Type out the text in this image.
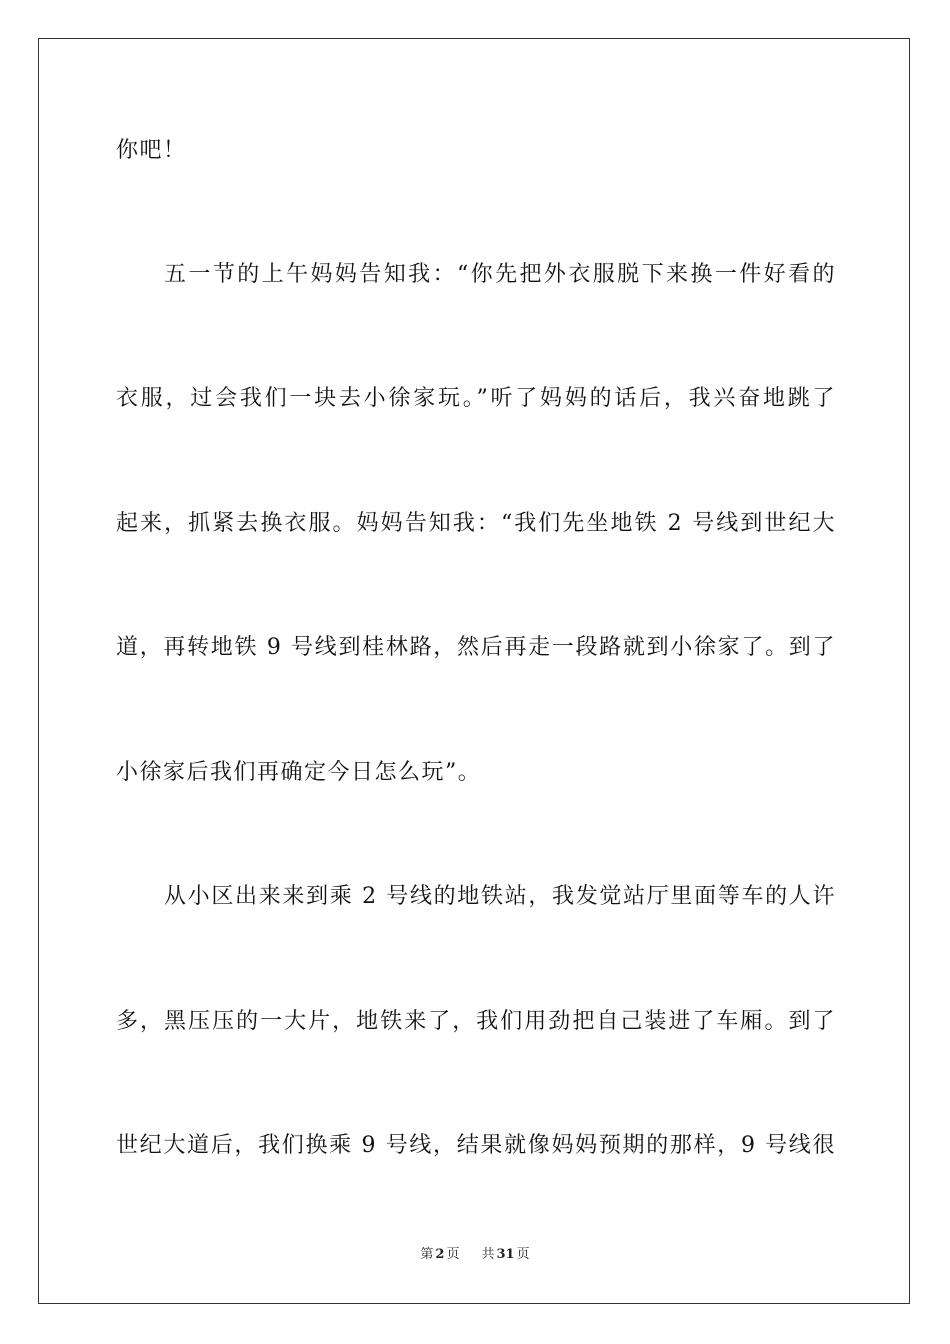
你吧！
五一节的上午妈妈告知我：“你先把外衣服脱下来换一件好看的
衣服，过会我们一块去小徐家玩。”听了妈妈的话后，我兴奋地跳了
起来，抓紧去换衣服。妈妈告知我：“我们先坐地铁 2 号线到世纪大
道，再转地铁 9 号线到桂林路，然后再走一段路就到小徐家了。到了
小徐家后我们再确定今日怎么玩”。
从小区出来来到乘 2 号线的地铁站，我发觉站厅里面等车的人许
多，黑压压的一大片，地铁来了，我们用劲把自己装进了车厢。到了
世纪大道后，我们换乘 9 号线，结果就像妈妈预期的那样，9 号线很
第 2 页 共 31 页
